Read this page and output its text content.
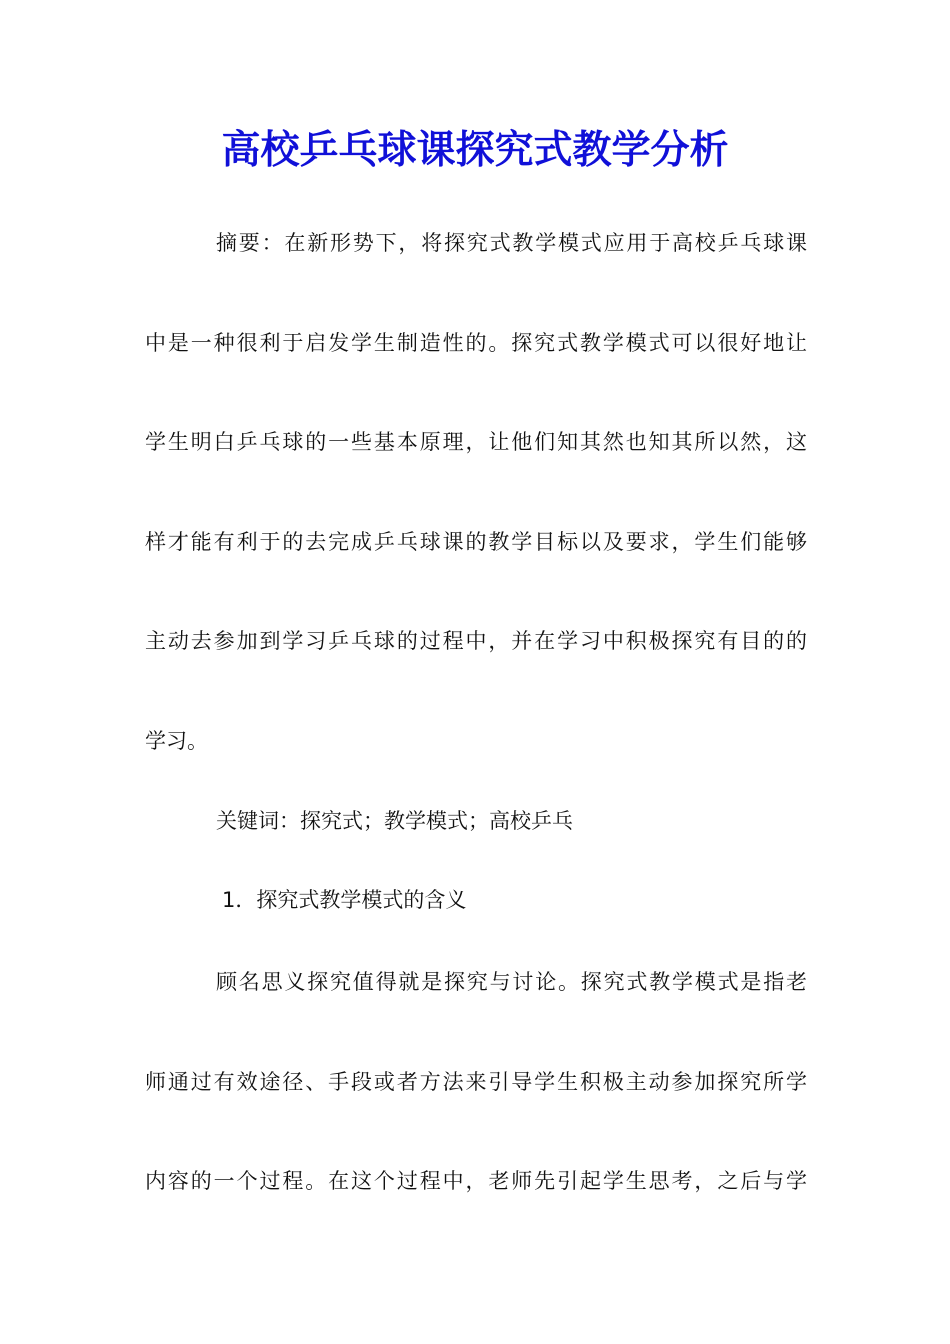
高校乒乓球课探究式教学分析
摘要：在新形势下，将探究式教学模式应用于高校乒乓球课
中是一种很利于启发学生制造性的。探究式教学模式可以很好地让
学生明白乒乓球的一些基本原理，让他们知其然也知其所以然，这
样才能有利于的去完成乒乓球课的教学目标以及要求，学生们能够
主动去参加到学习乒乓球的过程中，并在学习中积极探究有目的的
学习。
关键词：探究式；教学模式；高校乒乓
1．探究式教学模式的含义
顾名思义探究值得就是探究与讨论。探究式教学模式是指老
师通过有效途径、手段或者方法来引导学生积极主动参加探究所学
内容的一个过程。在这个过程中，老师先引起学生思考，之后与学
